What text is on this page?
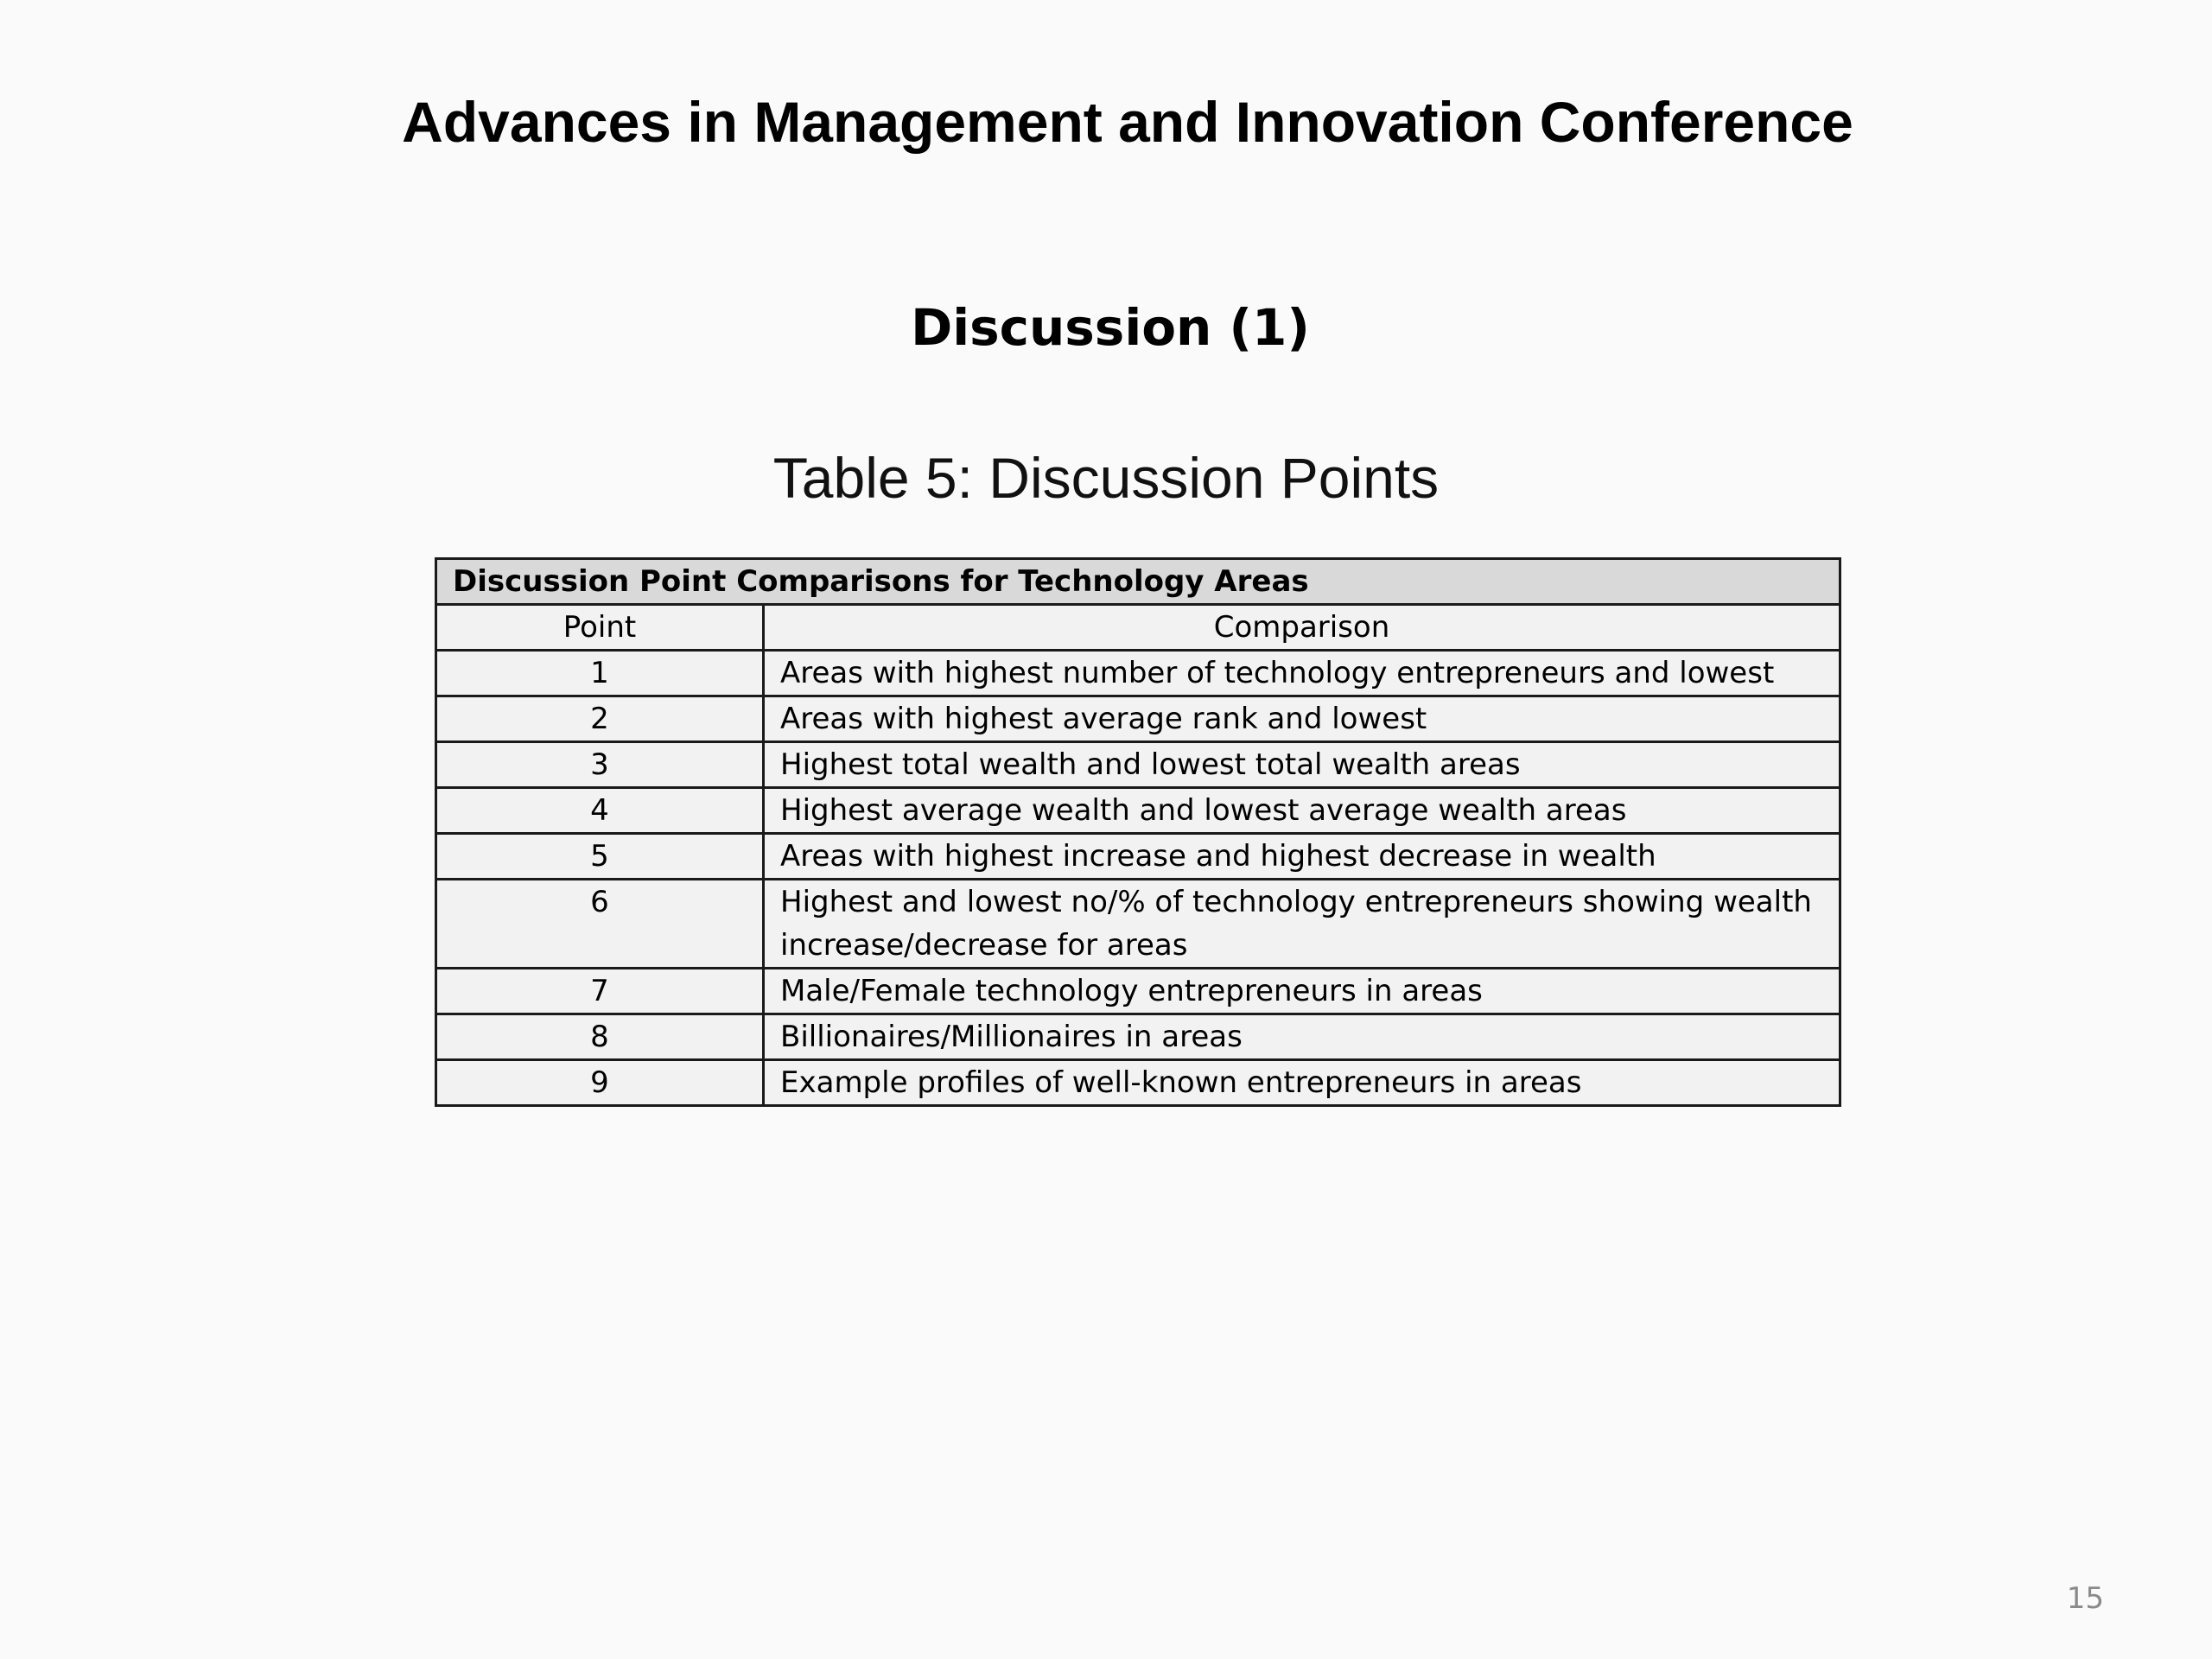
Advances in Management and Innovation Conference
Discussion (1)
Table 5: Discussion Points
Discussion Point Comparisons for Technology Areas	
Point	Comparison
1	Areas with highest number of technology entrepreneurs and lowest
2	Areas with highest average rank and lowest
3	Highest total wealth and lowest total wealth areas
4	Highest average wealth and lowest average wealth areas
5	Areas with highest increase and highest decrease in wealth
6	Highest and lowest no/% of technology entrepreneurs showing wealth increase/decrease for areas
7	Male/Female technology entrepreneurs in areas
8	Billionaires/Millionaires in areas
9	Example profiles of well-known entrepreneurs in areas
15
